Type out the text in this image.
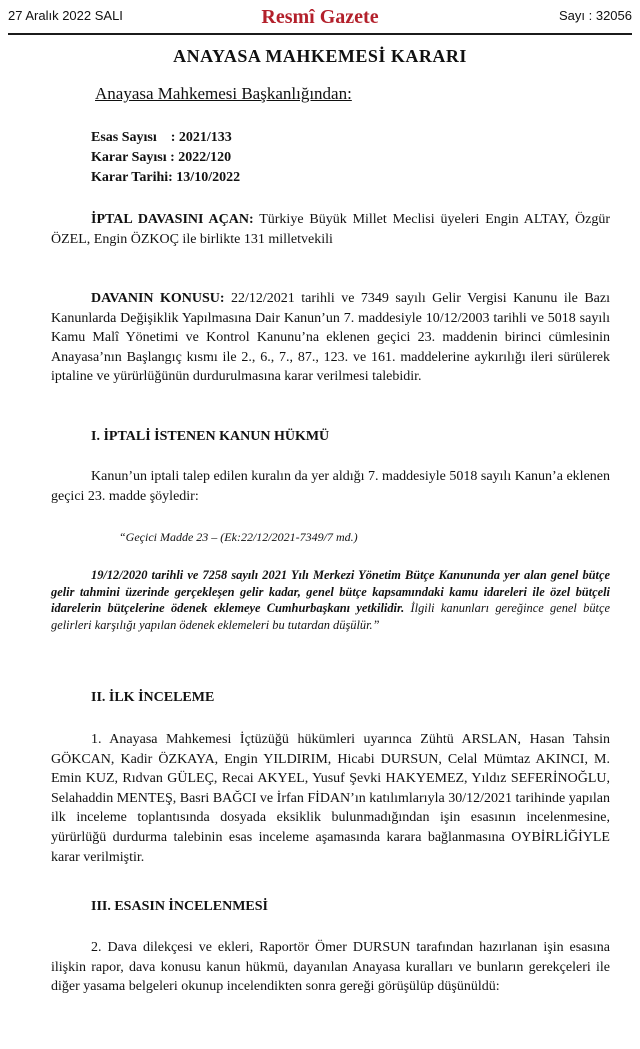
27 Aralık 2022 SALI	Resmî Gazete	Sayı : 32056
ANAYASA MAHKEMESİ KARARI
Anayasa Mahkemesi Başkanlığından:
Esas Sayısı    : 2021/133
Karar Sayısı : 2022/120
Karar Tarihi: 13/10/2022
İPTAL DAVASINI AÇAN: Türkiye Büyük Millet Meclisi üyeleri Engin ALTAY, Özgür ÖZEL, Engin ÖZKOÇ ile birlikte 131 milletvekili
DAVANIN KONUSU: 22/12/2021 tarihli ve 7349 sayılı Gelir Vergisi Kanunu ile Bazı Kanunlarda Değişiklik Yapılmasına Dair Kanun’un 7. maddesiyle 10/12/2003 tarihli ve 5018 sayılı Kamu Malî Yönetimi ve Kontrol Kanunu’na eklenen geçici 23. maddenin birinci cümlesinin Anayasa’nın Başlangıç kısmı ile 2., 6., 7., 87., 123. ve 161. maddelerine aykırılığı ileri sürülerek iptaline ve yürürlüğünün durdurulmasına karar verilmesi talebidir.
I. İPTALİ İSTENEN KANUN HÜKMÜ
Kanun’un iptali talep edilen kuralın da yer aldığı 7. maddesiyle 5018 sayılı Kanun’a eklenen geçici 23. madde şöyledir:
“Geçici Madde 23 – (Ek:22/12/2021-7349/7 md.)
19/12/2020 tarihli ve 7258 sayılı 2021 Yılı Merkezi Yönetim Bütçe Kanununda yer alan genel bütçe gelir tahmini üzerinde gerçekleşen gelir kadar, genel bütçe kapsamındaki kamu idareleri ile özel bütçeli idarelerin bütçelerine ödenek eklemeye Cumhurbaşkanı yetkilidir. İlgili kanunları gereğince genel bütçe gelirleri karşılığı yapılan ödenek eklemeleri bu tutardan düşülür.”
II. İLK İNCELEME
1. Anayasa Mahkemesi İçtüzüğü hükümleri uyarınca Zühtü ARSLAN, Hasan Tahsin GÖKCAN, Kadir ÖZKAYA, Engin YILDIRIM, Hicabi DURSUN, Celal Mümtaz AKINCI, M. Emin KUZ, Rıdvan GÜLEÇ, Recai AKYEL, Yusuf Şevki HAKYEMEZ, Yıldız SEFERİNOĞLU, Selahaddin MENTEŞ, Basri BAĞCI ve İrfan FİDAN’ın katılımlarıyla 30/12/2021 tarihinde yapılan ilk inceleme toplantısında dosyada eksiklik bulunmadığından işin esasının incelenmesine, yürürlüğü durdurma talebinin esas inceleme aşamasında karara bağlanmasına OYBİRLİĞİYLE karar verilmiştir.
III. ESASIN İNCELENMESİ
2. Dava dilekçesi ve ekleri, Raportör Ömer DURSUN tarafından hazırlanan işin esasına ilişkin rapor, dava konusu kanun hükmü, dayanılan Anayasa kuralları ve bunların gerekçeleri ile diğer yasama belgeleri okunup incelendikten sonra gereği görüşülüp düşünüldü:
